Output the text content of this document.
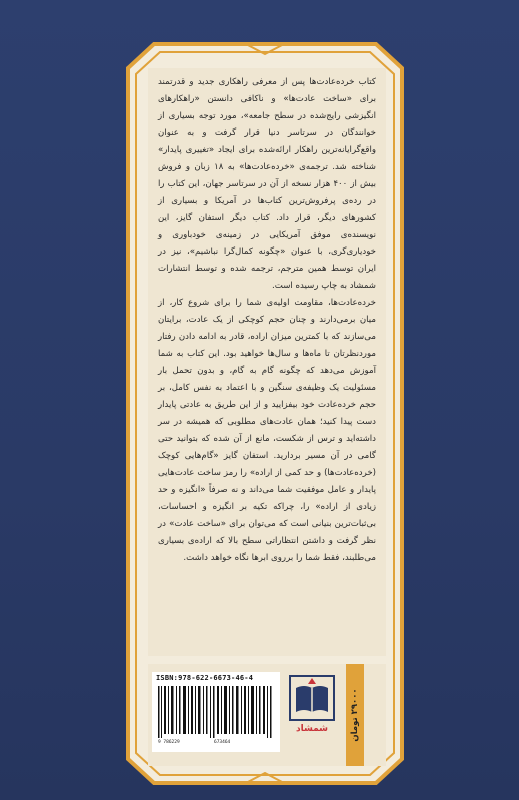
کتاب خرده‌عادت‌ها پس از معرفی راهکاری جدید و قدرتمند برای «ساخت عادت‌ها» و ناکافی دانستن «راهکارهای انگیزشی رایج‌شده در سطح جامعه»، مورد توجه بسیاری از خوانندگان در سرتاسر دنیا قرار گرفت و به عنوان واقع‌گرایانه‌ترین راهکار ارائه‌شده برای ایجاد «تغییری پایدار» شناخته شد. ترجمه‌ی «خرده‌عادت‌ها» به ۱۸ زبان و فروش بیش از ۴۰۰ هزار نسخه از آن در سرتاسر جهان، این کتاب را در رده‌ی پرفروش‌ترین کتاب‌ها در آمریکا و بسیاری از کشورهای دیگر، قرار داد. کتاب دیگر استفان گایز، این نویسنده‌ی موفق آمریکایی در زمینه‌ی خودباوری و خودیاری‌گری، با عنوان «چگونه کمال‌گرا نباشیم»، نیز در ایران توسط همین مترجم، ترجمه شده و توسط انتشارات شمشاد به چاپ رسیده است.

خرده‌عادت‌ها، مقاومت اولیه‌ی شما را برای شروع کار، از میان برمی‌دارند و چنان حجم کوچکی از یک عادت، برایتان می‌سازند که با کمترین میزان اراده، قادر به ادامه دادن رفتار موردنظرتان تا ماه‌ها و سال‌ها خواهید بود. این کتاب به شما آموزش می‌دهد که چگونه گام به گام، و بدون تحمل بار مسئولیت یک وظیفه‌ی سنگین و با اعتماد به نفس کامل، بر حجم خرده‌عادت خود بیفزایید و از این طریق به عادتی پایدار دست پیدا کنید؛ همان عادت‌های مطلوبی که همیشه در سر داشته‌اید و ترس از شکست، مانع از آن شده که بتوانید حتی گامی در آن مسیر بردارید. استفان گایز «گام‌هایی کوچک (خرده‌عادت‌ها) و حد کمی از اراده» را رمز ساخت عادت‌هایی پایدار و عامل موفقیت شما می‌داند و نه صرفاً «انگیزه و حد زیادی از اراده» را، چراکه تکیه بر انگیزه و احساسات، بی‌ثبات‌ترین بنیانی است که می‌توان برای «ساخت عادت» در نظر گرفت و داشتن انتظاراتی سطح بالا که اراده‌ی بسیاری می‌طلبند، فقط شما را برروی ابرها نگاه خواهد داشت.

ISBN:978-622-6673-46-4
9 786229	673464
شمشاد	۲۹۰۰۰ تومان
